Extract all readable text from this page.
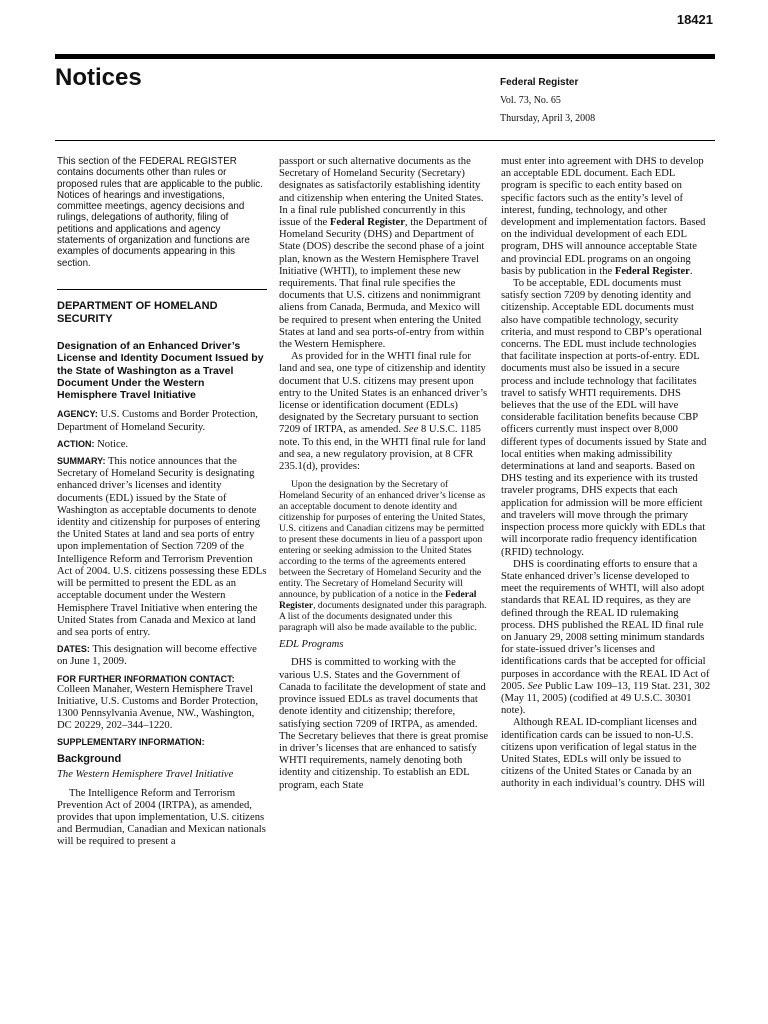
18421
Notices	Federal Register
Vol. 73, No. 65
Thursday, April 3, 2008
This section of the FEDERAL REGISTER contains documents other than rules or proposed rules that are applicable to the public. Notices of hearings and investigations, committee meetings, agency decisions and rulings, delegations of authority, filing of petitions and applications and agency statements of organization and functions are examples of documents appearing in this section.
DEPARTMENT OF HOMELAND SECURITY
Designation of an Enhanced Driver’s License and Identity Document Issued by the State of Washington as a Travel Document Under the Western Hemisphere Travel Initiative
AGENCY: U.S. Customs and Border Protection, Department of Homeland Security.
ACTION: Notice.
SUMMARY: This notice announces that the Secretary of Homeland Security is designating enhanced driver’s licenses and identity documents (EDL) issued by the State of Washington as acceptable documents to denote identity and citizenship for purposes of entering the United States at land and sea ports of entry upon implementation of Section 7209 of the Intelligence Reform and Terrorism Prevention Act of 2004. U.S. citizens possessing these EDLs will be permitted to present the EDL as an acceptable document under the Western Hemisphere Travel Initiative when entering the United States from Canada and Mexico at land and sea ports of entry.
DATES: This designation will become effective on June 1, 2009.
FOR FURTHER INFORMATION CONTACT:
Colleen Manaher, Western Hemisphere Travel Initiative, U.S. Customs and Border Protection, 1300 Pennsylvania Avenue, NW., Washington, DC 20229, 202–344–1220.
SUPPLEMENTARY INFORMATION:
Background
The Western Hemisphere Travel Initiative

The Intelligence Reform and Terrorism Prevention Act of 2004 (IRTPA), as amended, provides that upon implementation, U.S. citizens and Bermudian, Canadian and Mexican nationals will be required to present a

passport or such alternative documents as the Secretary of Homeland Security (Secretary) designates as satisfactorily establishing identity and citizenship when entering the United States. In a final rule published concurrently in this issue of the Federal Register, the Department of Homeland Security (DHS) and Department of State (DOS) describe the second phase of a joint plan, known as the Western Hemisphere Travel Initiative (WHTI), to implement these new requirements. That final rule specifies the documents that U.S. citizens and nonimmigrant aliens from Canada, Bermuda, and Mexico will be required to present when entering the United States at land and sea ports-of-entry from within the Western Hemisphere.

As provided for in the WHTI final rule for land and sea, one type of citizenship and identity document that U.S. citizens may present upon entry to the United States is an enhanced driver’s license or identification document (EDLs) designated by the Secretary pursuant to section 7209 of IRTPA, as amended. See 8 U.S.C. 1185 note. To this end, in the WHTI final rule for land and sea, a new regulatory provision, at 8 CFR 235.1(d), provides:

Upon the designation by the Secretary of Homeland Security of an enhanced driver’s license as an acceptable document to denote identity and citizenship for purposes of entering the United States, U.S. citizens and Canadian citizens may be permitted to present these documents in lieu of a passport upon entering or seeking admission to the United States according to the terms of the agreements entered between the Secretary of Homeland Security and the entity. The Secretary of Homeland Security will announce, by publication of a notice in the Federal Register, documents designated under this paragraph. A list of the documents designated under this paragraph will also be made available to the public.

EDL Programs

DHS is committed to working with the various U.S. States and the Government of Canada to facilitate the development of state and province issued EDLs as travel documents that denote identity and citizenship; therefore, satisfying section 7209 of IRTPA, as amended. The Secretary believes that there is great promise in driver’s licenses that are enhanced to satisfy WHTI requirements, namely denoting both identity and citizenship. To establish an EDL program, each State

must enter into agreement with DHS to develop an acceptable EDL document. Each EDL program is specific to each entity based on specific factors such as the entity’s level of interest, funding, technology, and other development and implementation factors. Based on the individual development of each EDL program, DHS will announce acceptable State and provincial EDL programs on an ongoing basis by publication in the Federal Register.

To be acceptable, EDL documents must satisfy section 7209 by denoting identity and citizenship. Acceptable EDL documents must also have compatible technology, security criteria, and must respond to CBP’s operational concerns. The EDL must include technologies that facilitate inspection at ports-of-entry. EDL documents must also be issued in a secure process and include technology that facilitates travel to satisfy WHTI requirements. DHS believes that the use of the EDL will have considerable facilitation benefits because CBP officers currently must inspect over 8,000 different types of documents issued by State and local entities when making admissibility determinations at land and seaports. Based on DHS testing and its experience with its trusted traveler programs, DHS expects that each application for admission will be more efficient and travelers will move through the primary inspection process more quickly with EDLs that will incorporate radio frequency identification (RFID) technology.

DHS is coordinating efforts to ensure that a State enhanced driver’s license developed to meet the requirements of WHTI, will also adopt standards that REAL ID requires, as they are defined through the REAL ID rulemaking process. DHS published the REAL ID final rule on January 29, 2008 setting minimum standards for state-issued driver’s licenses and identifications cards that be accepted for official purposes in accordance with the REAL ID Act of 2005. See Public Law 109–13, 119 Stat. 231, 302 (May 11, 2005) (codified at 49 U.S.C. 30301 note).

Although REAL ID-compliant licenses and identification cards can be issued to non-U.S. citizens upon verification of legal status in the United States, EDLs will only be issued to citizens of the United States or Canada by an authority in each individual’s country. DHS will
